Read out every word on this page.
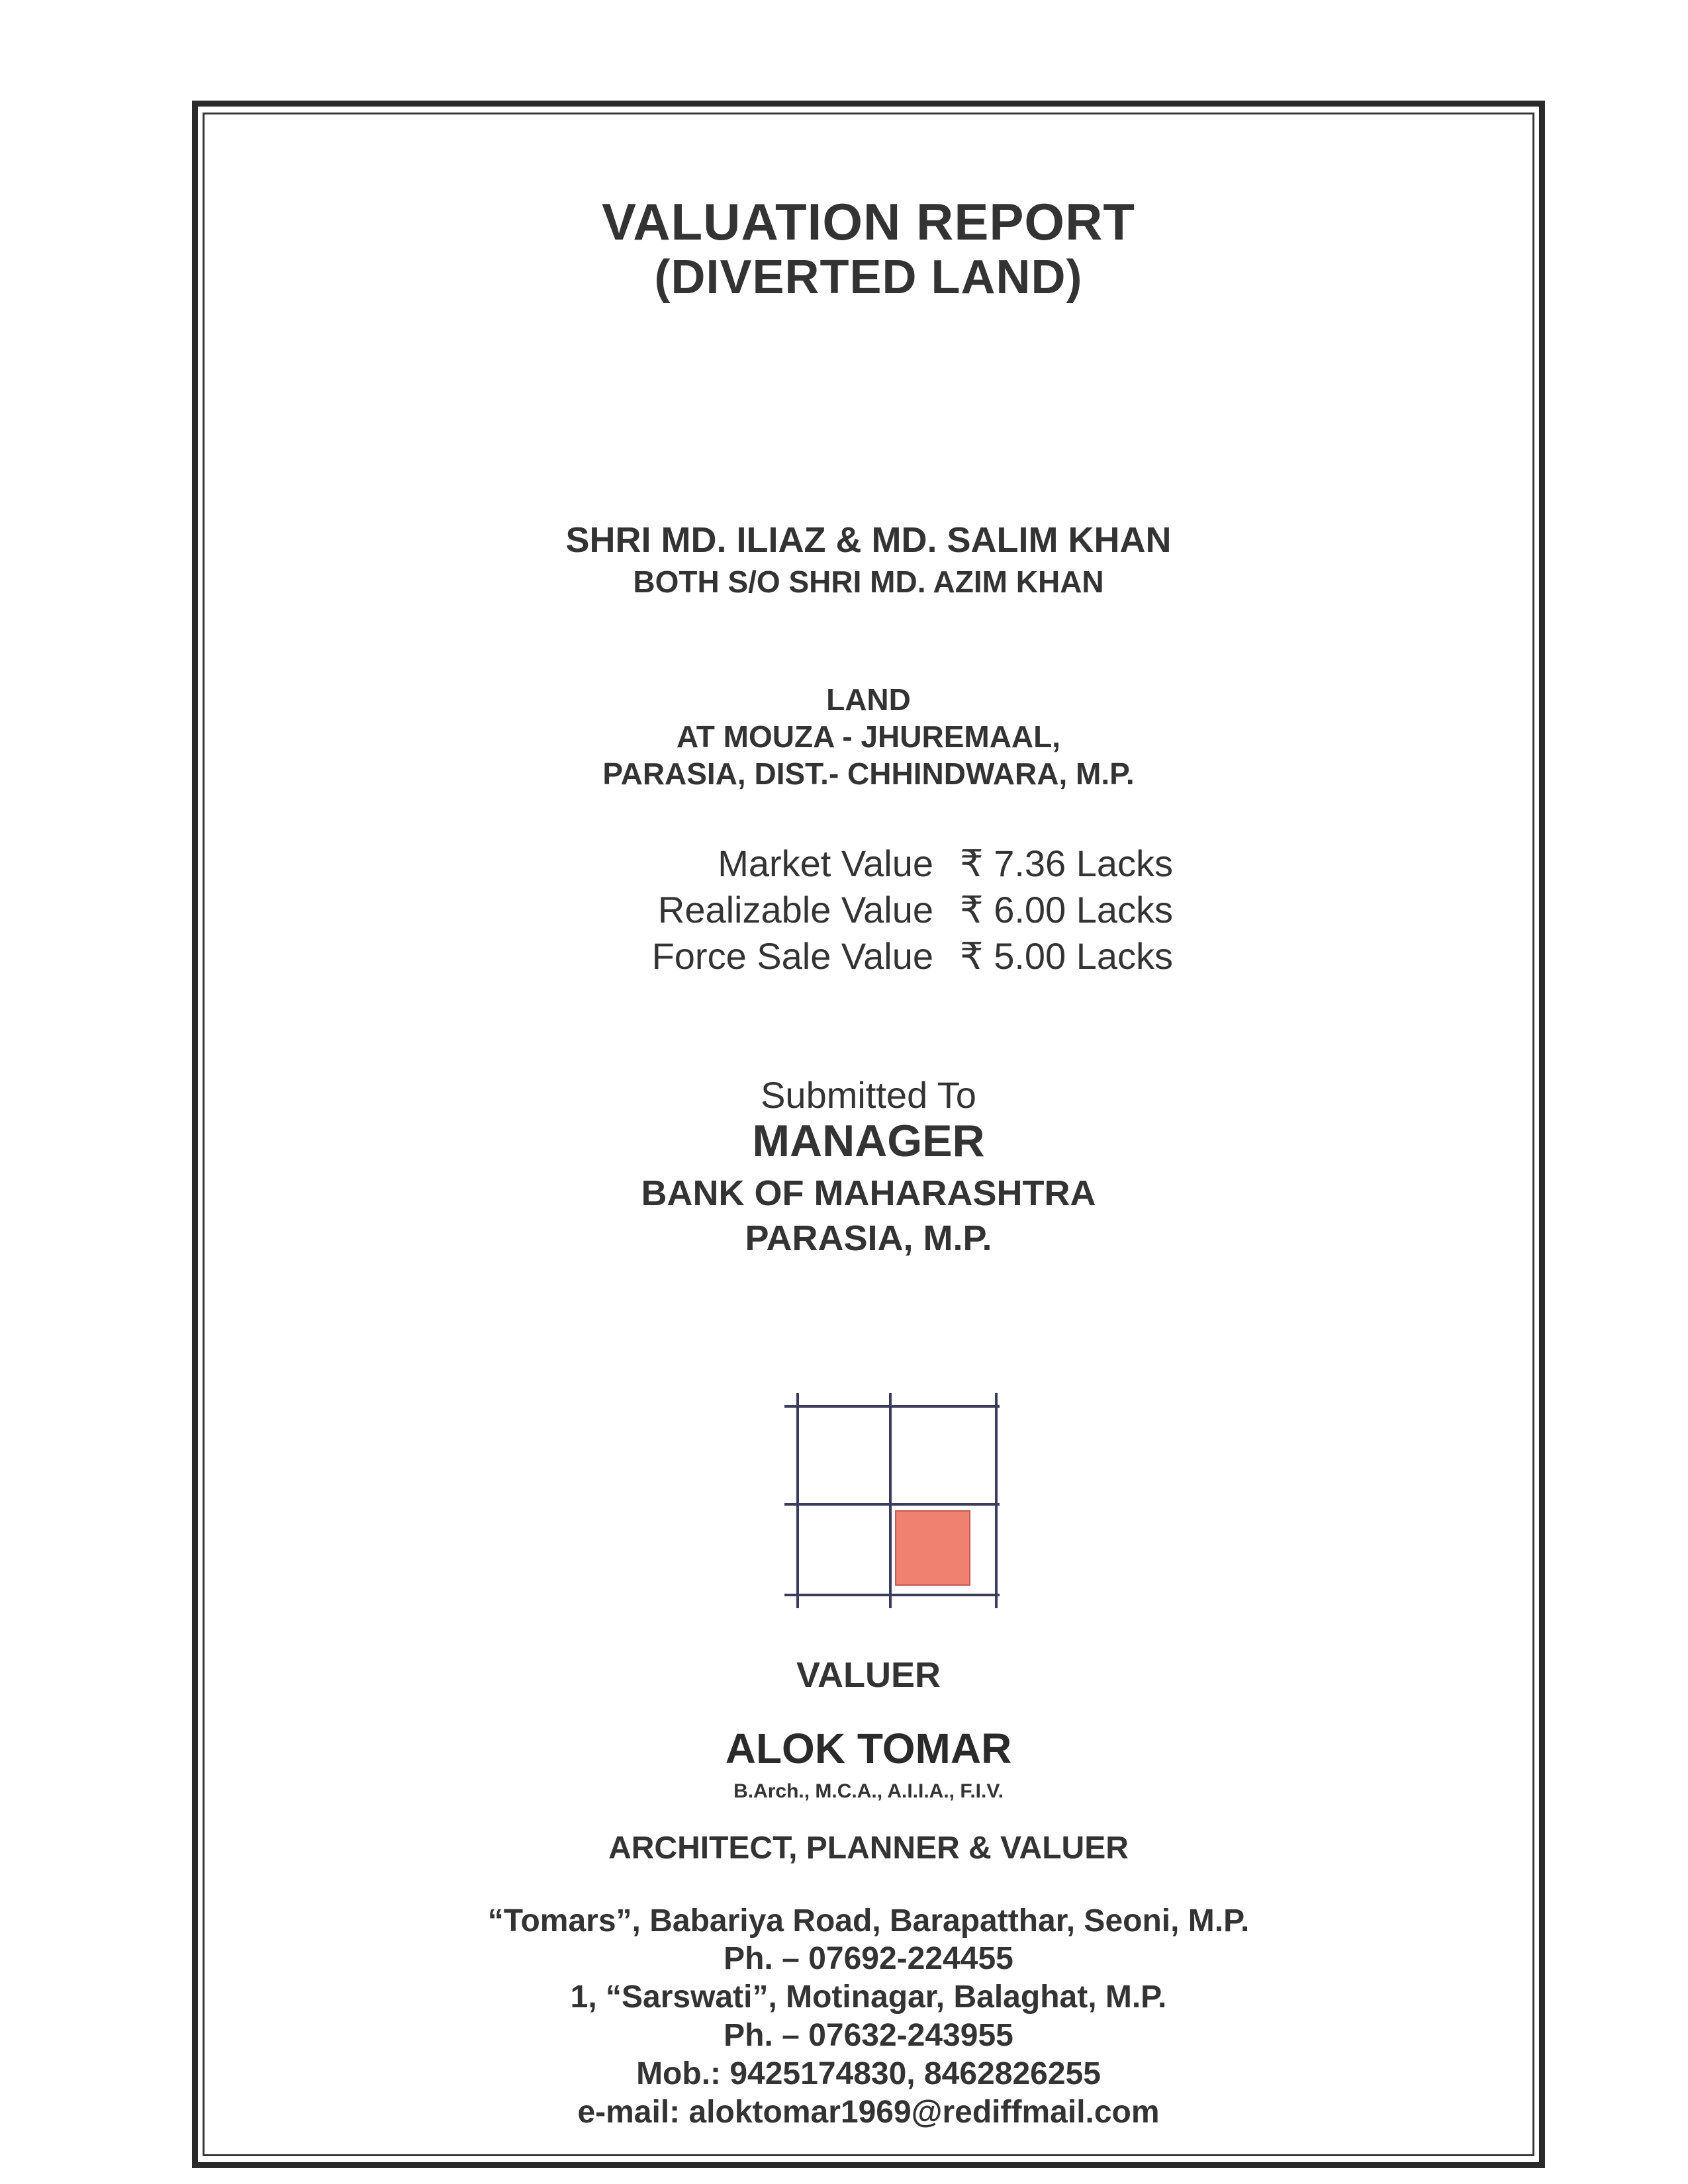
VALUATION REPORT
(DIVERTED LAND)
SHRI MD. ILIAZ & MD. SALIM KHAN
BOTH S/O SHRI MD. AZIM KHAN
LAND
AT MOUZA - JHUREMAAL,
PARASIA, DIST.- CHHINDWARA, M.P.
Market Value ₹ 7.36 Lacks
Realizable Value ₹ 6.00 Lacks
Force Sale Value ₹ 5.00 Lacks
Submitted To
MANAGER
BANK OF MAHARASHTRA
PARASIA, M.P.
VALUER
ALOK TOMAR
B.Arch., M.C.A., A.I.I.A., F.I.V.
ARCHITECT, PLANNER & VALUER
“Tomars”, Babariya Road, Barapatthar, Seoni, M.P.
Ph. – 07692-224455
1, “Sarswati”, Motinagar, Balaghat, M.P.
Ph. – 07632-243955
Mob.: 9425174830, 8462826255
e-mail: aloktomar1969@rediffmail.com
